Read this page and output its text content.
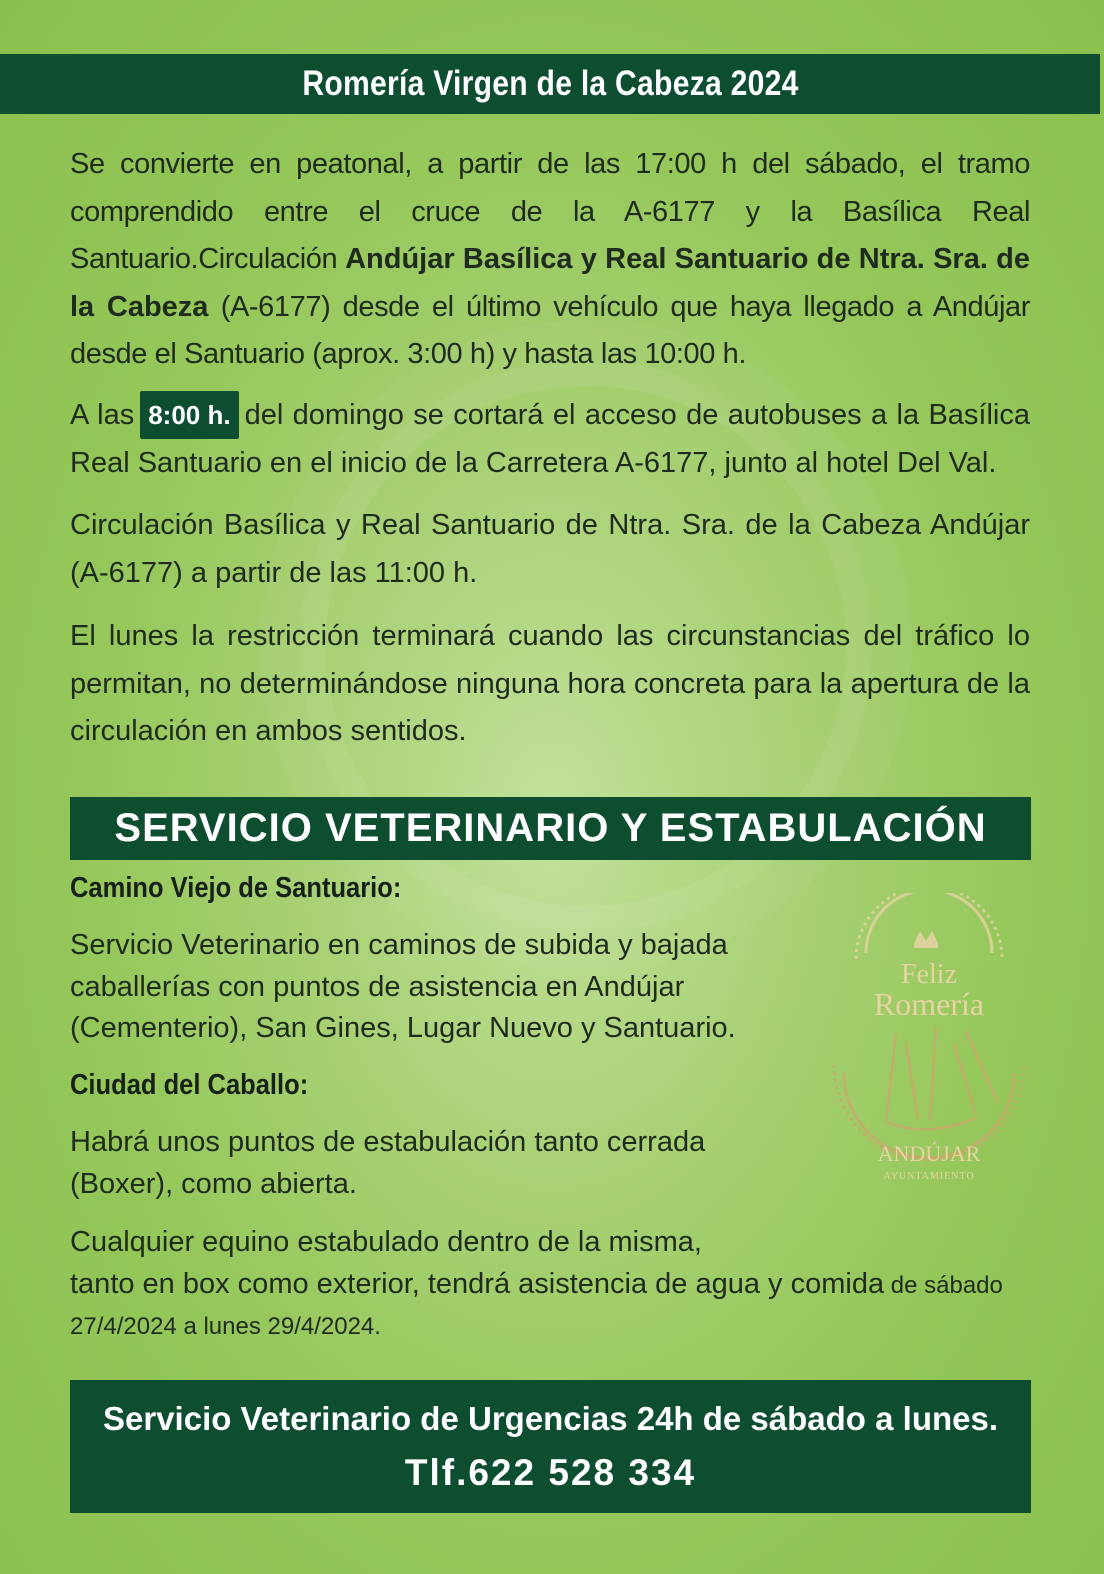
Romería Virgen de la Cabeza 2024

Se convierte en peatonal, a partir de las 17:00 h del sábado, el tramo comprendido entre el cruce de la A-6177 y la Basílica Real Santuario.Circulación Andújar Basílica y Real Santuario de Ntra. Sra. de la Cabeza (A-6177) desde el último vehículo que haya llegado a Andújar desde el Santuario (aprox. 3:00 h) y hasta las 10:00 h.

A las 8:00 h. del domingo se cortará el acceso de autobuses a la Basílica Real Santuario en el inicio de la Carretera A-6177, junto al hotel Del Val.

Circulación Basílica y Real Santuario de Ntra. Sra. de la Cabeza Andújar (A-6177) a partir de las 11:00 h.

El lunes la restricción terminará cuando las circunstancias del tráfico lo permitan, no determinándose ninguna hora concreta para la apertura de la circulación en ambos sentidos.

SERVICIO VETERINARIO Y ESTABULACIÓN
Camino Viejo de Santuario:

Servicio Veterinario en caminos de subida y bajada caballerías con puntos de asistencia en Andújar (Cementerio), San Gines, Lugar Nuevo y Santuario.

Ciudad del Caballo:

Habrá unos puntos de estabulación tanto cerrada (Boxer), como abierta.

Cualquier equino estabulado dentro de la misma,
tanto en box como exterior, tendrá asistencia de agua y comida de sábado
27/4/2024 a lunes 29/4/2024.
Feliz
Romería
ANDÚJAR
AYUNTAMIENTO
Servicio Veterinario de Urgencias 24h de sábado a lunes.
Tlf.622 528 334
